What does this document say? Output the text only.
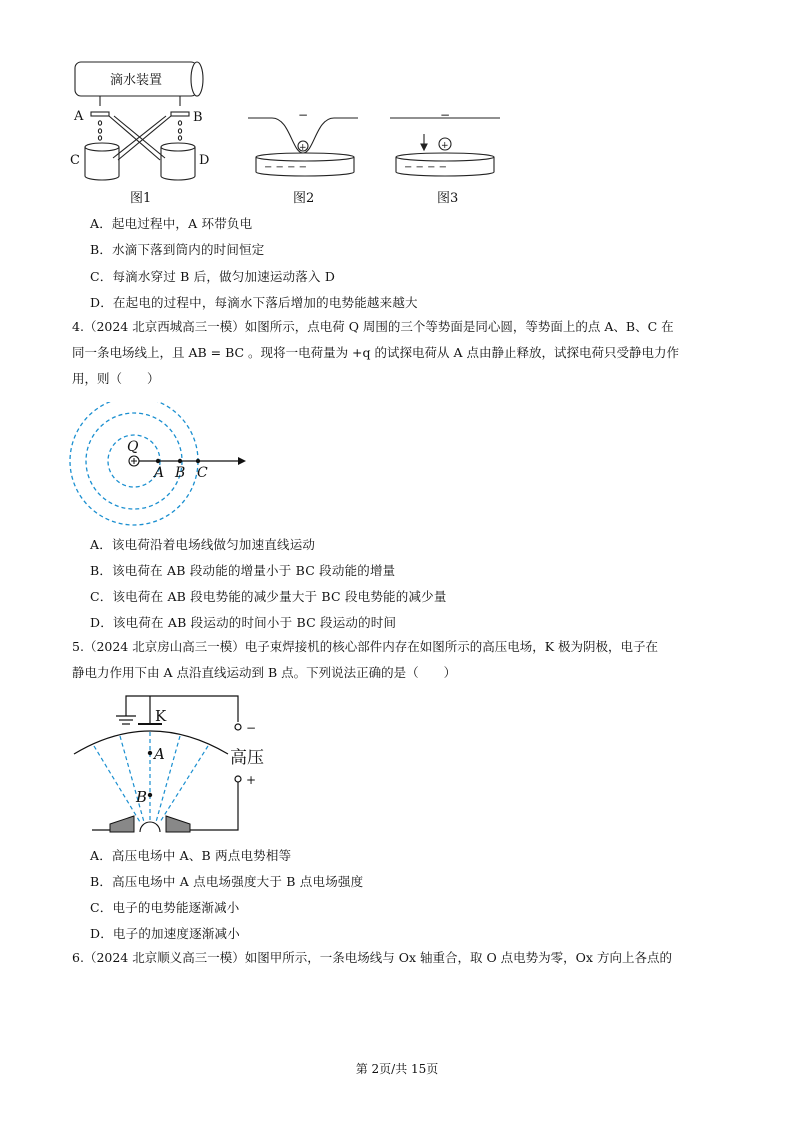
滴水装置
A	B
C	D
图1
−
+
− − − −
图2
−
+
− − − −
图3
A．起电过程中，A 环带负电
B．水滴下落到筒内的时间恒定
C．每滴水穿过 B 后，做匀加速运动落入 D
D．在起电的过程中，每滴水下落后增加的电势能越来越大
4.（2024 北京西城高三一模）如图所示，点电荷 Q 周围的三个等势面是同心圆，等势面上的点 A、B、C 在
同一条电场线上，且 AB = BC 。现将一电荷量为 +q 的试探电荷从 A 点由静止释放，试探电荷只受静电力作
用，则（　　）
Q
A B C
A．该电荷沿着电场线做匀加速直线运动
B．该电荷在 AB 段动能的增量小于 BC 段动能的增量
C．该电荷在 AB 段电势能的减少量大于 BC 段电势能的减少量
D．该电荷在 AB 段运动的时间小于 BC 段运动的时间
5.（2024 北京房山高三一模）电子束焊接机的核心部件内存在如图所示的高压电场，K 极为阴极，电子在
静电力作用下由 A 点沿直线运动到 B 点。下列说法正确的是（　　）
K
−
高压
+
A
B
A．高压电场中 A、B 两点电势相等
B．高压电场中 A 点电场强度大于 B 点电场强度
C．电子的电势能逐渐减小
D．电子的加速度逐渐减小
6.（2024 北京顺义高三一模）如图甲所示，一条电场线与 Ox 轴重合，取 O 点电势为零，Ox 方向上各点的
第 2页/共 15页
